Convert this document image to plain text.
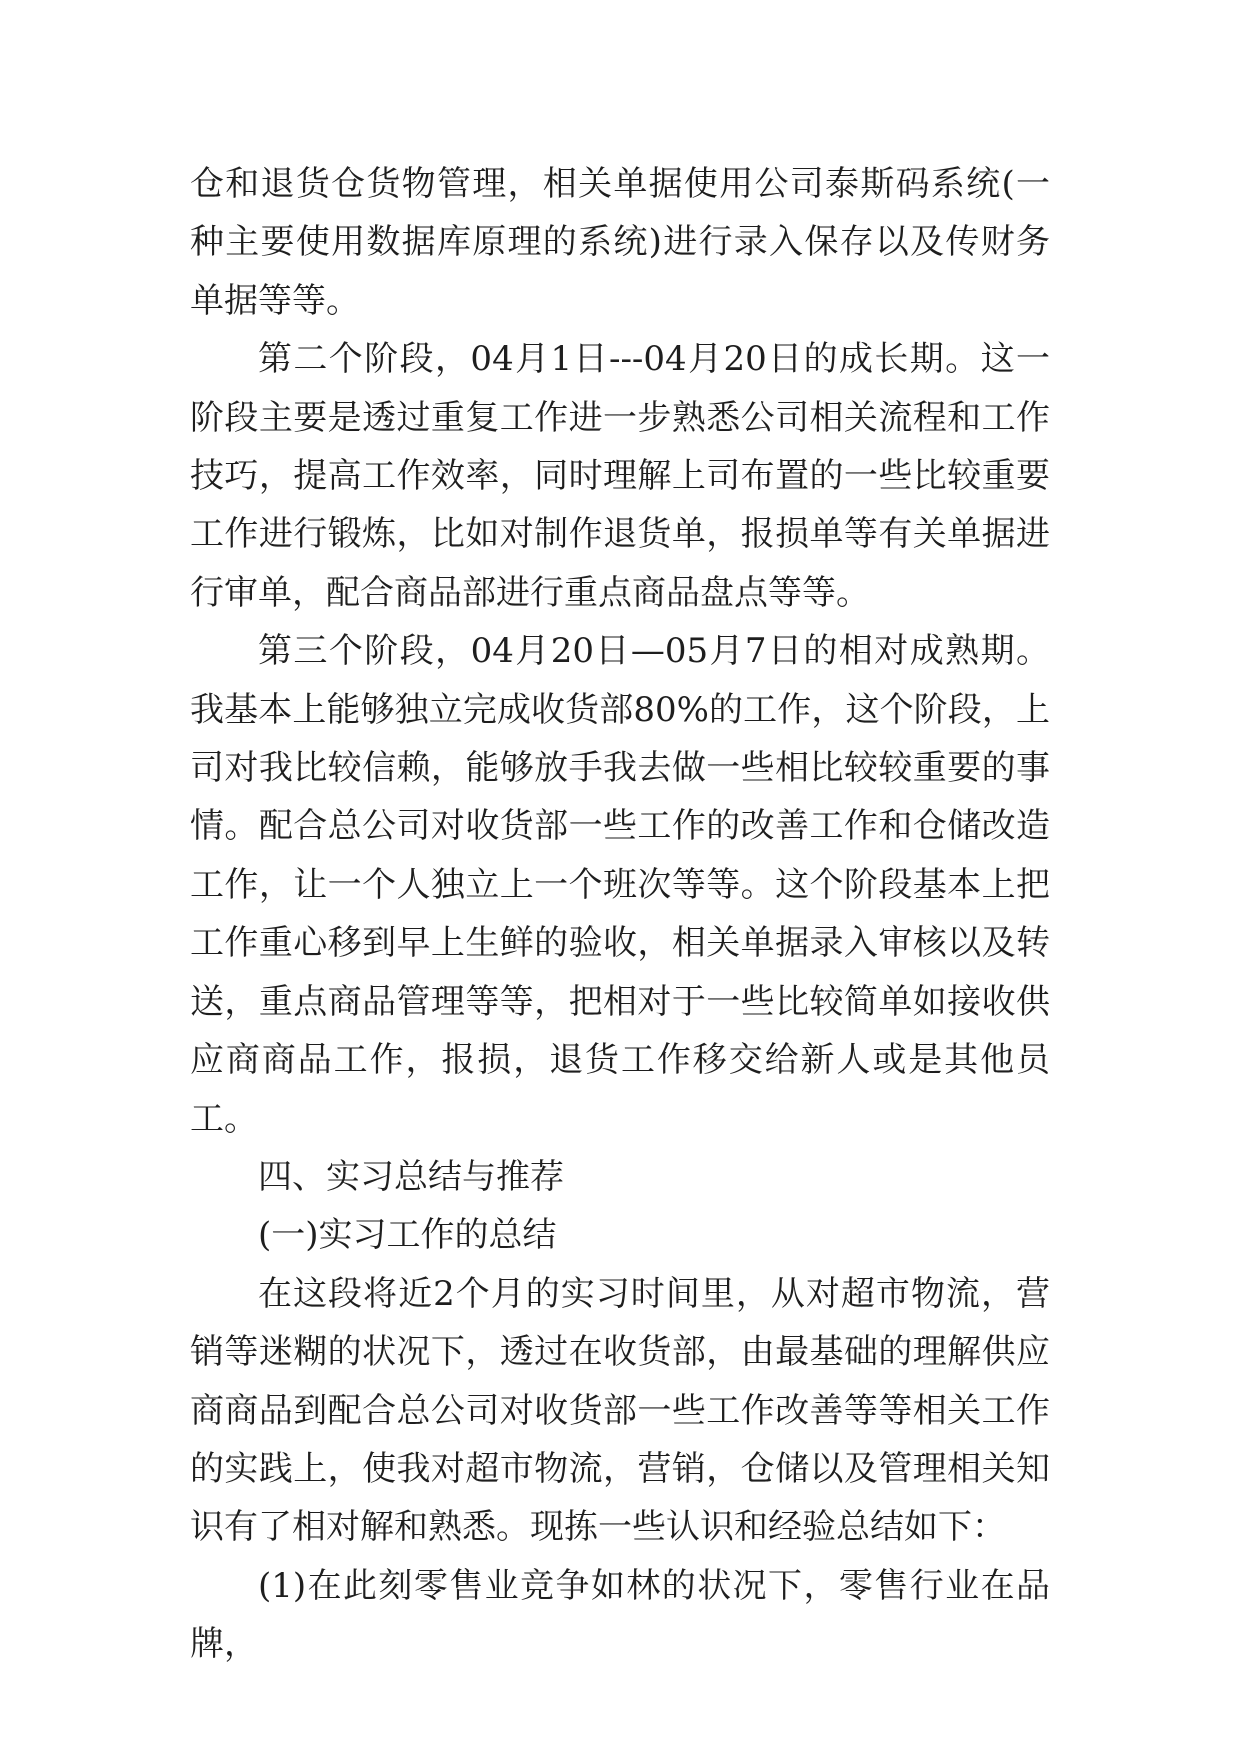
仓和退货仓货物管理，相关单据使用公司泰斯码系统(一种主要使用数据库原理的系统)进行录入保存以及传财务单据等等。

第二个阶段，04月1日---04月20日的成长期。这一阶段主要是透过重复工作进一步熟悉公司相关流程和工作技巧，提高工作效率，同时理解上司布置的一些比较重要工作进行锻炼，比如对制作退货单，报损单等有关单据进行审单，配合商品部进行重点商品盘点等等。

第三个阶段，04月20日—05月7日的相对成熟期。我基本上能够独立完成收货部80%的工作，这个阶段，上司对我比较信赖，能够放手我去做一些相比较较重要的事情。配合总公司对收货部一些工作的改善工作和仓储改造工作，让一个人独立上一个班次等等。这个阶段基本上把工作重心移到早上生鲜的验收，相关单据录入审核以及转送，重点商品管理等等，把相对于一些比较简单如接收供应商商品工作，报损，退货工作移交给新人或是其他员工。

四、实习总结与推荐

(一)实习工作的总结

在这段将近2个月的实习时间里，从对超市物流，营销等迷糊的状况下，透过在收货部，由最基础的理解供应商商品到配合总公司对收货部一些工作改善等等相关工作的实践上，使我对超市物流，营销，仓储以及管理相关知识有了相对解和熟悉。现拣一些认识和经验总结如下：

(1)在此刻零售业竞争如林的状况下，零售行业在品牌，
